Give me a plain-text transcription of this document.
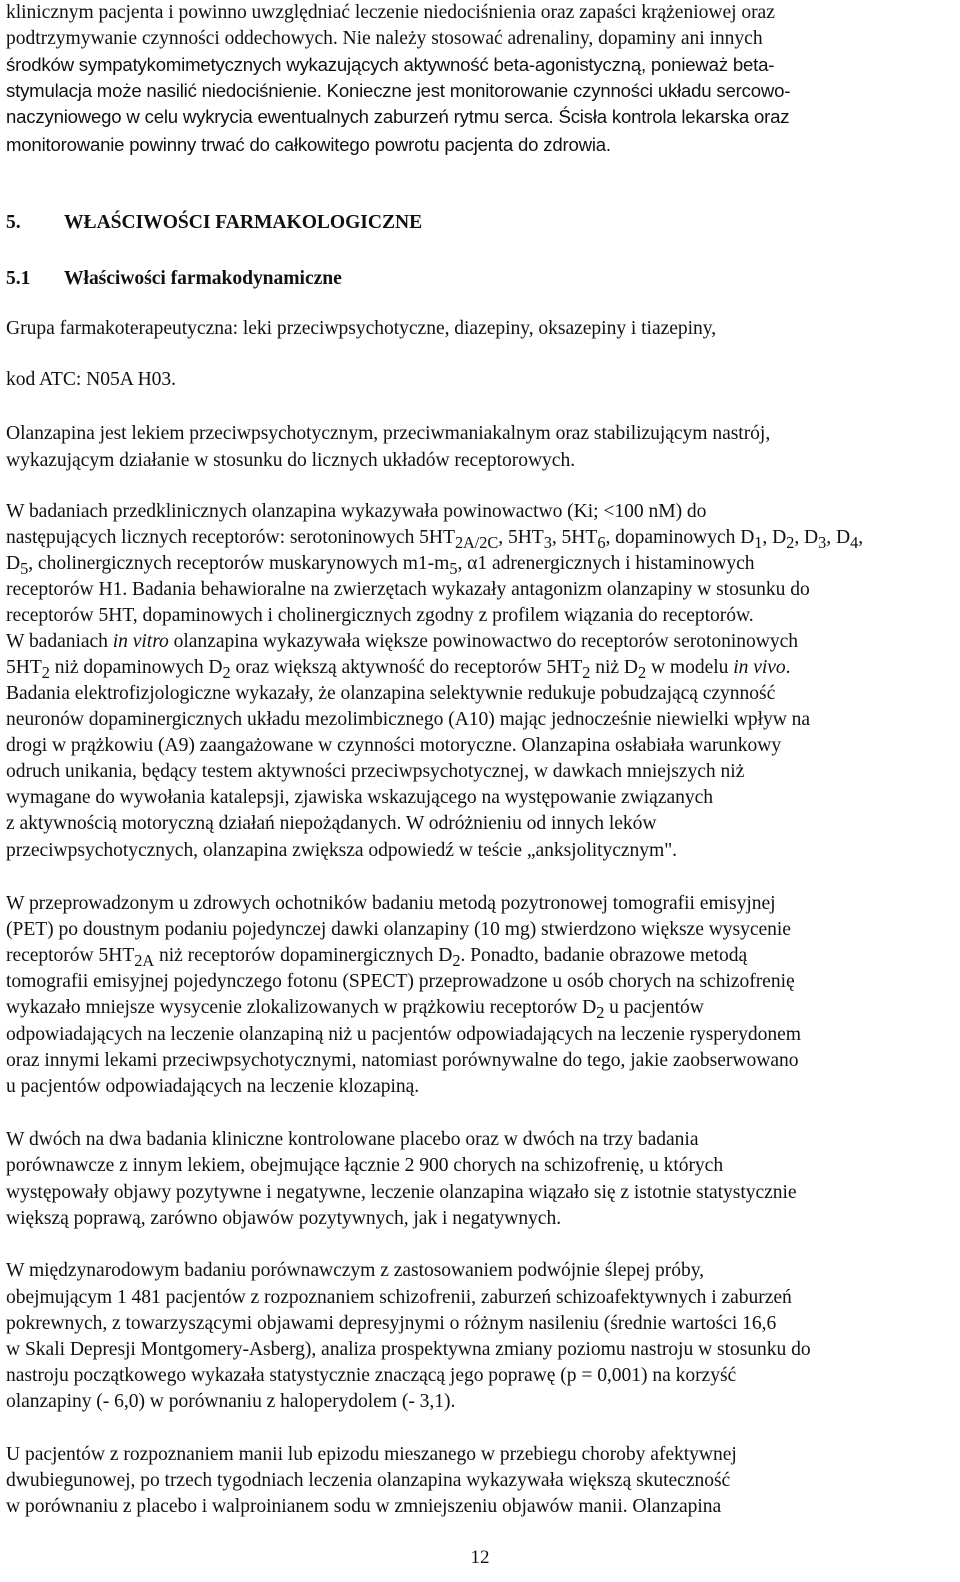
klinicznym pacjenta i powinno uwzględniać leczenie niedociśnienia oraz zapaści krążeniowej oraz
podtrzymywanie czynności oddechowych. Nie należy stosować adrenaliny, dopaminy ani innych
środków sympatykomimetycznych wykazujących aktywność beta-agonistyczną, ponieważ beta-
stymulacja może nasilić niedociśnienie. Konieczne jest monitorowanie czynności układu sercowo-
naczyniowego w celu wykrycia ewentualnych zaburzeń rytmu serca. Ścisła kontrola lekarska oraz
monitorowanie powinny trwać do całkowitego powrotu pacjenta do zdrowia.
5. WŁAŚCIWOŚCI FARMAKOLOGICZNE
5.1 Właściwości farmakodynamiczne
Grupa farmakoterapeutyczna: leki przeciwpsychotyczne, diazepiny, oksazepiny i tiazepiny,
kod ATC: N05A H03.
Olanzapina jest lekiem przeciwpsychotycznym, przeciwmaniakalnym oraz stabilizującym nastrój,
wykazującym działanie w stosunku do licznych układów receptorowych.
W badaniach przedklinicznych olanzapina wykazywała powinowactwo (Ki; <100 nM) do
następujących licznych receptorów: serotoninowych $5HT_{2A/2C}$, $5HT_3$, $5HT_6$, dopaminowych $D_1$, $D_2$, $D_3$, $D_4$,
$D_5$, cholinergicznych receptorów muskarynowych $m1-m_5$, α1 adrenergicznych i histaminowych
receptorów H1. Badania behawioralne na zwierzętach wykazały antagonizm olanzapiny w stosunku do
receptorów 5HT, dopaminowych i cholinergicznych zgodny z profilem wiązania do receptorów.
W badaniach in vitro olanzapina wykazywała większe powinowactwo do receptorów serotoninowych
$5HT_2$ niż dopaminowych $D_2$ oraz większą aktywność do receptorów $5HT_2$ niż $D_2$ w modelu in vivo.
Badania elektrofizjologiczne wykazały, że olanzapina selektywnie redukuje pobudzającą czynność
neuronów dopaminergicznych układu mezolimbicznego (A10) mając jednocześnie niewielki wpływ na
drogi w prążkowiu (A9) zaangażowane w czynności motoryczne. Olanzapina osłabiała warunkowy
odruch unikania, będący testem aktywności przeciwpsychotycznej, w dawkach mniejszych niż
wymagane do wywołania katalepsji, zjawiska wskazującego na występowanie związanych
z aktywnością motoryczną działań niepożądanych. W odróżnieniu od innych leków
przeciwpsychotycznych, olanzapina zwiększa odpowiedź w teście „anksjolitycznym".
W przeprowadzonym u zdrowych ochotników badaniu metodą pozytronowej tomografii emisyjnej
(PET) po doustnym podaniu pojedynczej dawki olanzapiny (10 mg) stwierdzono większe wysycenie
receptorów $5HT_{2A}$ niż receptorów dopaminergicznych $D_2$. Ponadto, badanie obrazowe metodą
tomografii emisyjnej pojedynczego fotonu (SPECT) przeprowadzone u osób chorych na schizofrenię
wykazało mniejsze wysycenie zlokalizowanych w prążkowiu receptorów $D_2$ u pacjentów
odpowiadających na leczenie olanzapiną niż u pacjentów odpowiadających na leczenie rysperydonem
oraz innymi lekami przeciwpsychotycznymi, natomiast porównywalne do tego, jakie zaobserwowano
u pacjentów odpowiadających na leczenie klozapiną.
W dwóch na dwa badania kliniczne kontrolowane placebo oraz w dwóch na trzy badania
porównawcze z innym lekiem, obejmujące łącznie 2 900 chorych na schizofrenię, u których
występowały objawy pozytywne i negatywne, leczenie olanzapina wiązało się z istotnie statystycznie
większą poprawą, zarówno objawów pozytywnych, jak i negatywnych.
W międzynarodowym badaniu porównawczym z zastosowaniem podwójnie ślepej próby,
obejmującym 1 481 pacjentów z rozpoznaniem schizofrenii, zaburzeń schizoafektywnych i zaburzeń
pokrewnych, z towarzyszącymi objawami depresyjnymi o różnym nasileniu (średnie wartości 16,6
w Skali Depresji Montgomery-Asberg), analiza prospektywna zmiany poziomu nastroju w stosunku do
nastroju początkowego wykazała statystycznie znaczącą jego poprawę (p = 0,001) na korzyść
olanzapiny (- 6,0) w porównaniu z haloperydolem (- 3,1).
U pacjentów z rozpoznaniem manii lub epizodu mieszanego w przebiegu choroby afektywnej
dwubiegunowej, po trzech tygodniach leczenia olanzapina wykazywała większą skuteczność
w porównaniu z placebo i walproinianem sodu w zmniejszeniu objawów manii. Olanzapina
12
